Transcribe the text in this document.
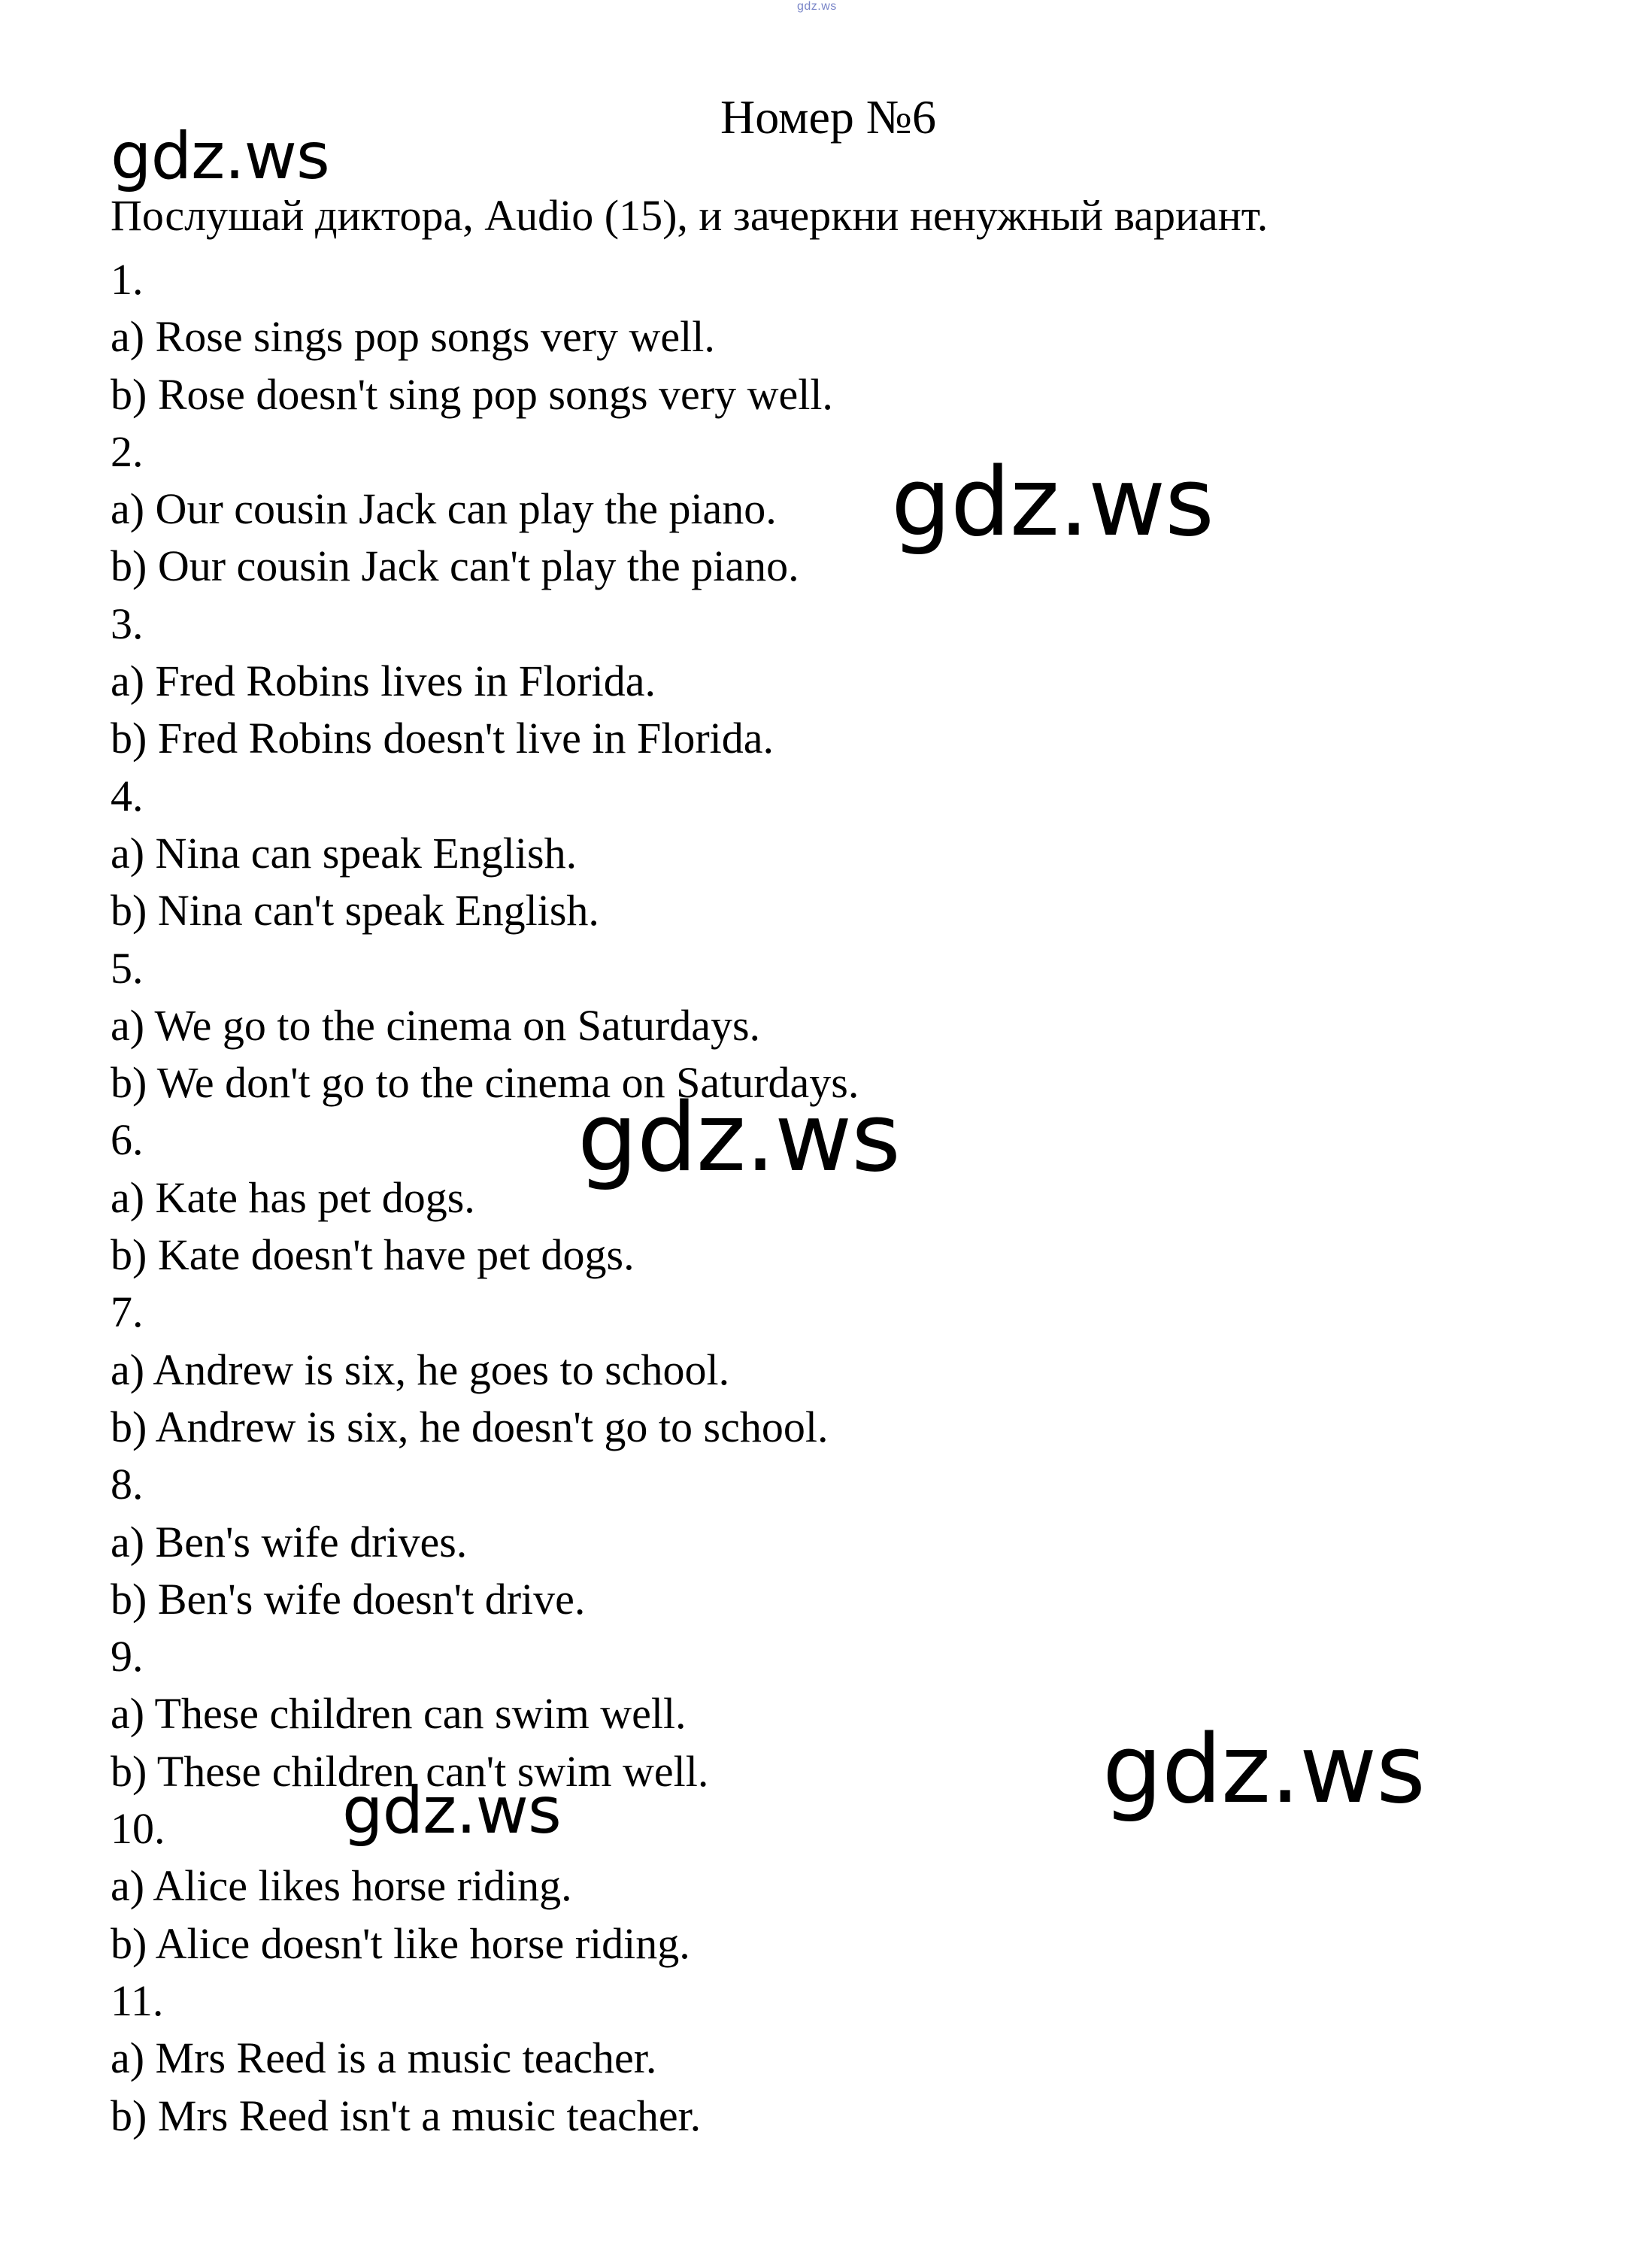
gdz.ws
Номер №6
Послушай диктора, Audio (15), и зачеркни ненужный вариант.
1.
a) Rose sings pop songs very well.
b) Rose doesn't sing pop songs very well.
2.
a) Our cousin Jack can play the piano.
b) Our cousin Jack can't play the piano.
3.
a) Fred Robins lives in Florida.
b) Fred Robins doesn't live in Florida.
4.
a) Nina can speak English.
b) Nina can't speak English.
5.
a) We go to the cinema on Saturdays.
b) We don't go to the cinema on Saturdays.
6.
a) Kate has pet dogs.
b) Kate doesn't have pet dogs.
7.
a) Andrew is six, he goes to school.
b) Andrew is six, he doesn't go to school.
8.
a) Ben's wife drives.
b) Ben's wife doesn't drive.
9.
a) These children can swim well.
b) These children can't swim well.
10.
a) Alice likes horse riding.
b) Alice doesn't like horse riding.
11.
a) Mrs Reed is a music teacher.
b) Mrs Reed isn't a music teacher.
gdz.ws
gdz.ws
gdz.ws
gdz.ws
gdz.ws
